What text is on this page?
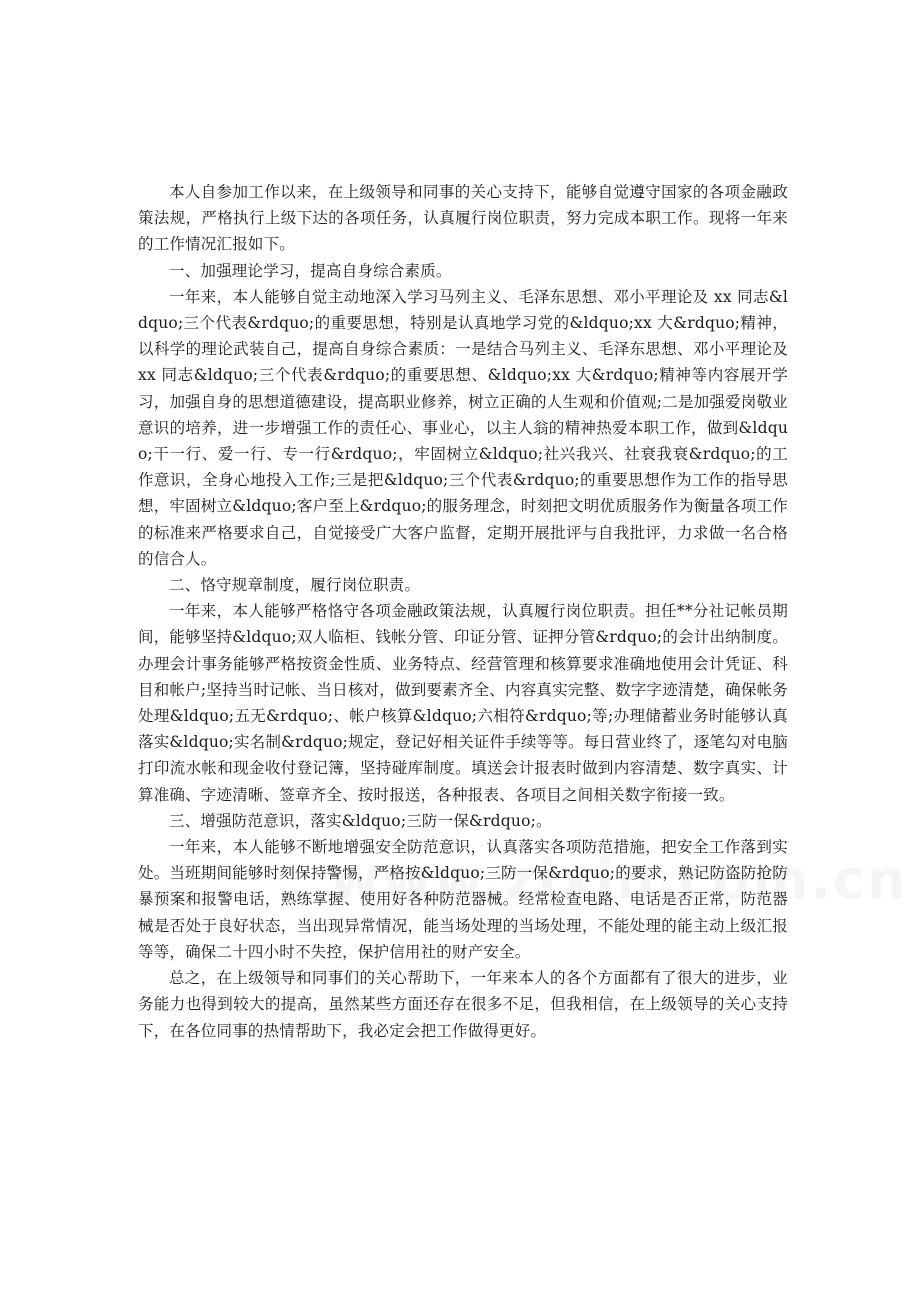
本人自参加工作以来，在上级领导和同事的关心支持下，能够自觉遵守国家的各项金融政策法规，严格执行上级下达的各项任务，认真履行岗位职责，努力完成本职工作。现将一年来的工作情况汇报如下。

一、加强理论学习，提高自身综合素质。

一年来，本人能够自觉主动地深入学习马列主义、毛泽东思想、邓小平理论及 xx 同志&ldquo;三个代表&rdquo;的重要思想，特别是认真地学习党的&ldquo;xx 大&rdquo;精神，以科学的理论武装自己，提高自身综合素质：一是结合马列主义、毛泽东思想、邓小平理论及 xx 同志&ldquo;三个代表&rdquo;的重要思想、&ldquo;xx 大&rdquo;精神等内容展开学习，加强自身的思想道德建设，提高职业修养，树立正确的人生观和价值观;二是加强爱岗敬业意识的培养，进一步增强工作的责任心、事业心，以主人翁的精神热爱本职工作，做到&ldquo;干一行、爱一行、专一行&rdquo;，牢固树立&ldquo;社兴我兴、社衰我衰&rdquo;的工作意识，全身心地投入工作;三是把&ldquo;三个代表&rdquo;的重要思想作为工作的指导思想，牢固树立&ldquo;客户至上&rdquo;的服务理念，时刻把文明优质服务作为衡量各项工作的标准来严格要求自己，自觉接受广大客户监督，定期开展批评与自我批评，力求做一名合格的信合人。

二、恪守规章制度，履行岗位职责。

一年来，本人能够严格恪守各项金融政策法规，认真履行岗位职责。担任**分社记帐员期间，能够坚持&ldquo;双人临柜、钱帐分管、印证分管、证押分管&rdquo;的会计出纳制度。办理会计事务能够严格按资金性质、业务特点、经营管理和核算要求准确地使用会计凭证、科目和帐户;坚持当时记帐、当日核对，做到要素齐全、内容真实完整、数字字迹清楚，确保帐务处理&ldquo;五无&rdquo;、帐户核算&ldquo;六相符&rdquo;等;办理储蓄业务时能够认真落实&ldquo;实名制&rdquo;规定，登记好相关证件手续等等。每日营业终了，逐笔勾对电脑打印流水帐和现金收付登记簿，坚持碰库制度。填送会计报表时做到内容清楚、数字真实、计算准确、字迹清晰、签章齐全、按时报送，各种报表、各项目之间相关数字衔接一致。

三、增强防范意识，落实&ldquo;三防一保&rdquo;。

一年来，本人能够不断地增强安全防范意识，认真落实各项防范措施，把安全工作落到实处。当班期间能够时刻保持警惕，严格按&ldquo;三防一保&rdquo;的要求，熟记防盗防抢防暴预案和报警电话，熟练掌握、使用好各种防范器械。经常检查电路、电话是否正常，防范器械是否处于良好状态，当出现异常情况，能当场处理的当场处理，不能处理的能主动上级汇报等等，确保二十四小时不失控，保护信用社的财产安全。

总之，在上级领导和同事们的关心帮助下，一年来本人的各个方面都有了很大的进步，业务能力也得到较大的提高，虽然某些方面还存在很多不足，但我相信，在上级领导的关心支持下，在各位同事的热情帮助下，我必定会把工作做得更好。
